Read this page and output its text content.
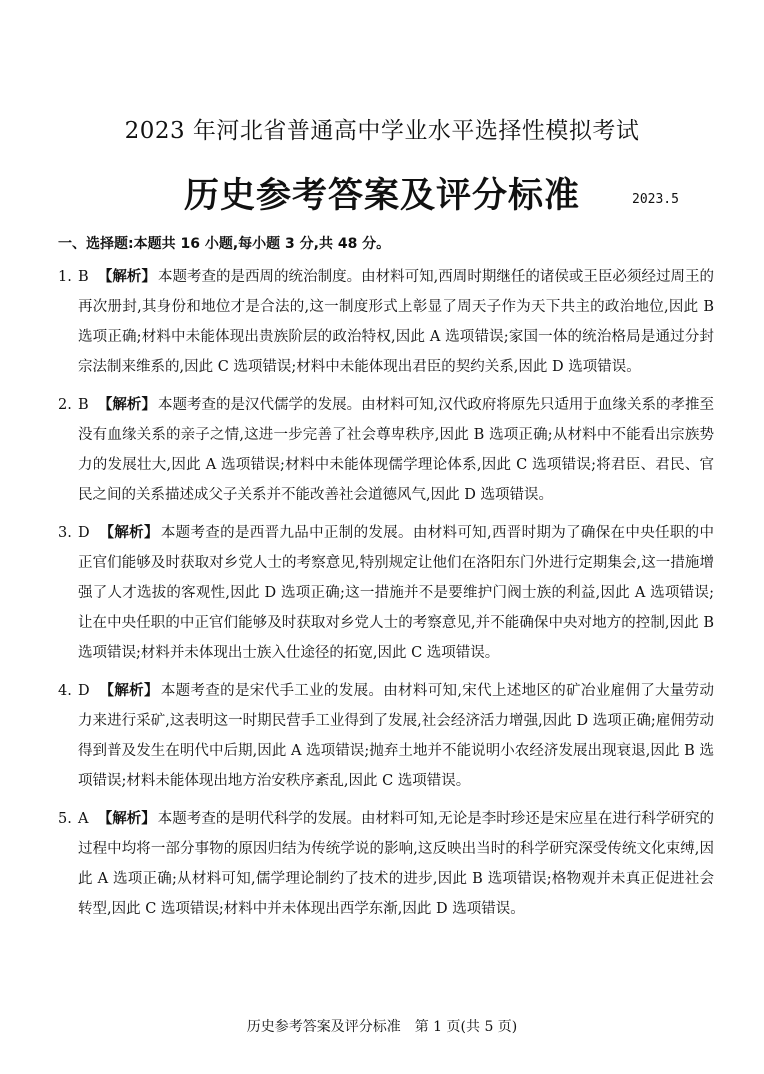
2023 年河北省普通高中学业水平选择性模拟考试
历史参考答案及评分标准	2023.5
一、选择题:本题共 16 小题,每小题 3 分,共 48 分。
1. B 【解析】 本题考查的是西周的统治制度。由材料可知,西周时期继任的诸侯或王臣必须经过周王的再次册封,其身份和地位才是合法的,这一制度形式上彰显了周天子作为天下共主的政治地位,因此 B 选项正确;材料中未能体现出贵族阶层的政治特权,因此 A 选项错误;家国一体的统治格局是通过分封宗法制来维系的,因此 C 选项错误;材料中未能体现出君臣的契约关系,因此 D 选项错误。
2. B 【解析】 本题考查的是汉代儒学的发展。由材料可知,汉代政府将原先只适用于血缘关系的孝推至没有血缘关系的亲子之情,这进一步完善了社会尊卑秩序,因此 B 选项正确;从材料中不能看出宗族势力的发展壮大,因此 A 选项错误;材料中未能体现儒学理论体系,因此 C 选项错误;将君臣、君民、官民之间的关系描述成父子关系并不能改善社会道德风气,因此 D 选项错误。
3. D 【解析】 本题考查的是西晋九品中正制的发展。由材料可知,西晋时期为了确保在中央任职的中正官们能够及时获取对乡党人士的考察意见,特别规定让他们在洛阳东门外进行定期集会,这一措施增强了人才选拔的客观性,因此 D 选项正确;这一措施并不是要维护门阀士族的利益,因此 A 选项错误;让在中央任职的中正官们能够及时获取对乡党人士的考察意见,并不能确保中央对地方的控制,因此 B 选项错误;材料并未体现出士族入仕途径的拓宽,因此 C 选项错误。
4. D 【解析】 本题考查的是宋代手工业的发展。由材料可知,宋代上述地区的矿冶业雇佣了大量劳动力来进行采矿,这表明这一时期民营手工业得到了发展,社会经济活力增强,因此 D 选项正确;雇佣劳动得到普及发生在明代中后期,因此 A 选项错误;抛弃土地并不能说明小农经济发展出现衰退,因此 B 选项错误;材料未能体现出地方治安秩序紊乱,因此 C 选项错误。
5. A 【解析】 本题考查的是明代科学的发展。由材料可知,无论是李时珍还是宋应星在进行科学研究的过程中均将一部分事物的原因归结为传统学说的影响,这反映出当时的科学研究深受传统文化束缚,因此 A 选项正确;从材料可知,儒学理论制约了技术的进步,因此 B 选项错误;格物观并未真正促进社会转型,因此 C 选项错误;材料中并未体现出西学东渐,因此 D 选项错误。
历史参考答案及评分标准　第 1 页(共 5 页)
